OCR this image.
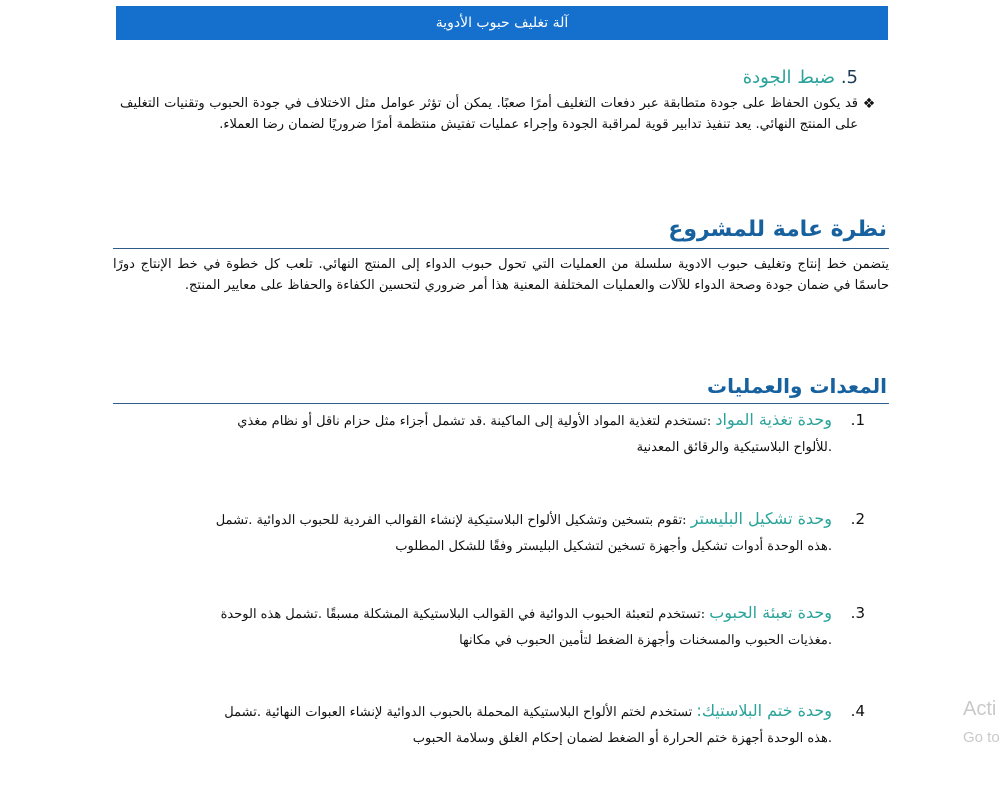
آلة تغليف حبوب الأدوية
5. ضبط الجودة
❖
قد يكون الحفاظ على جودة متطابقة عبر دفعات التغليف أمرًا صعبًا. يمكن أن تؤثر عوامل مثل الاختلاف في جودة الحبوب وتقنيات التغليف على المنتج النهائي. يعد تنفيذ تدابير قوية لمراقبة الجودة وإجراء عمليات تفتيش منتظمة أمرًا ضروريًا لضمان رضا العملاء.
نظرة عامة للمشروع
يتضمن خط إنتاج وتغليف حبوب الادوية سلسلة من العمليات التي تحول حبوب الدواء إلى المنتج النهائي. تلعب كل خطوة في خط الإنتاج دورًا حاسمًا في ضمان جودة وصحة الدواء للآلات والعمليات المختلفة المعنية هذا أمر ضروري لتحسين الكفاءة والحفاظ على معايير المنتج.
المعدات والعمليات
1.
وحدة تغذية المواد :تستخدم لتغذية المواد الأولية إلى الماكينة .قد تشمل أجزاء مثل حزام ناقل أو نظام مغذي
.للألواح البلاستيكية والرقائق المعدنية
2.
وحدة تشكيل البليستر :تقوم بتسخين وتشكيل الألواح البلاستيكية لإنشاء القوالب الفردية للحبوب الدوائية .تشمل
.هذه الوحدة أدوات تشكيل وأجهزة تسخين لتشكيل البليستر وفقًا للشكل المطلوب
3.
وحدة تعبئة الحبوب :تستخدم لتعبئة الحبوب الدوائية في القوالب البلاستيكية المشكلة مسبقًا .تشمل هذه الوحدة
.مغذيات الحبوب والمسخنات وأجهزة الضغط لتأمين الحبوب في مكانها
4.
وحدة ختم البلاستيك: تستخدم لختم الألواح البلاستيكية المحملة بالحبوب الدوائية لإنشاء العبوات النهائية .تشمل
.هذه الوحدة أجهزة ختم الحرارة أو الضغط لضمان إحكام الغلق وسلامة الحبوب
Acti
Go to
